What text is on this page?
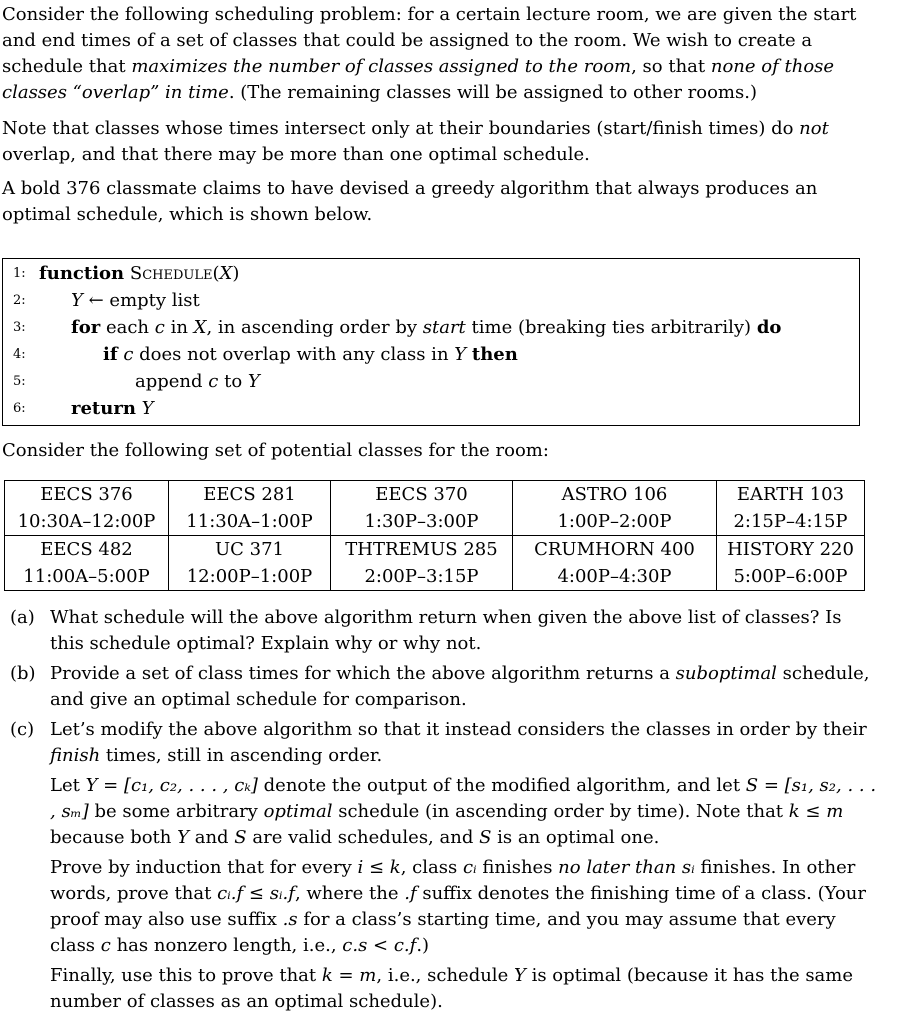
Consider the following scheduling problem: for a certain lecture room, we are given the start and end times of a set of classes that could be assigned to the room. We wish to create a schedule that maximizes the number of classes assigned to the room, so that none of those classes “overlap” in time. (The remaining classes will be assigned to other rooms.)

Note that classes whose times intersect only at their boundaries (start/finish times) do not overlap, and that there may be more than one optimal schedule.

A bold 376 classmate claims to have devised a greedy algorithm that always produces an optimal schedule, which is shown below.

1: function Schedule(X)
2:	Y ← empty list
3:	for each c in X, in ascending order by start time (breaking ties arbitrarily) do
4:	if c does not overlap with any class in Y then
5:	append c to Y
6:	return Y

Consider the following set of potential classes for the room:

EECS 376	EECS 281	EECS 370	ASTRO 106	EARTH 103
10:30A–12:00P	11:30A–1:00P	1:30P–3:00P	1:00P–2:00P	2:15P–4:15P
EECS 482	UC 371	THTREMUS 285	CRUMHORN 400	HISTORY 220
11:00A–5:00P	12:00P–1:00P	2:00P–3:15P	4:00P–4:30P	5:00P–6:00P
(a) What schedule will the above algorithm return when given the above list of classes? Is this schedule optimal? Explain why or why not.

(b) Provide a set of class times for which the above algorithm returns a suboptimal schedule, and give an optimal schedule for comparison.

(c) Let’s modify the above algorithm so that it instead considers the classes in order by their finish times, still in ascending order.

Let Y = [c₁, c₂, . . . , cₖ] denote the output of the modified algorithm, and let S = [s₁, s₂, . . . , sₘ] be some arbitrary optimal schedule (in ascending order by time). Note that k ≤ m because both Y and S are valid schedules, and S is an optimal one.

Prove by induction that for every i ≤ k, class cᵢ finishes no later than sᵢ finishes. In other words, prove that cᵢ.f ≤ sᵢ.f, where the .f suffix denotes the finishing time of a class. (Your proof may also use suffix .s for a class’s starting time, and you may assume that every class c has nonzero length, i.e., c.s < c.f.)

Finally, use this to prove that k = m, i.e., schedule Y is optimal (because it has the same number of classes as an optimal schedule).
